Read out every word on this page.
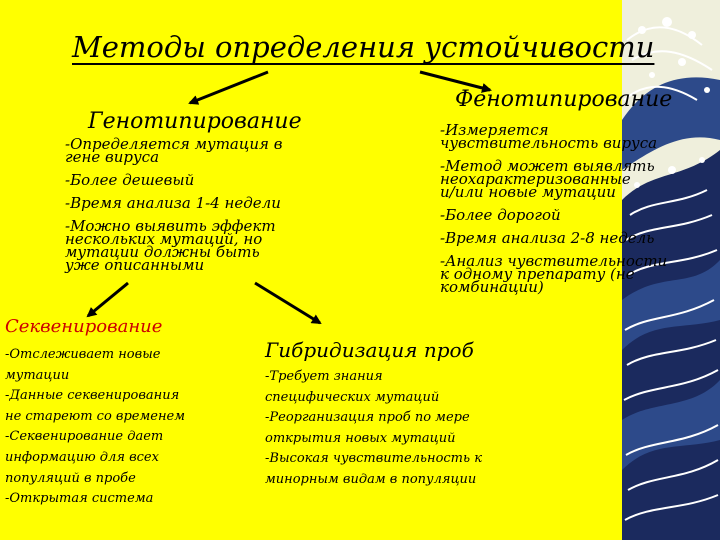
Методы определения устойчивости
Генотипирование
-Определяется мутация в
гене вируса
-Более дешевый
-Время анализа 1-4 недели
-Можно выявить эффект
нескольких мутаций, но
мутации должны быть
уже описанными
Фенотипирование
-Измеряется
чувствительность вируса
-Метод может выявлять
неохарактеризованные
и/или новые мутации
-Более дорогой
-Время анализа 2-8 недель
-Анализ чувствительности
к одному препарату (не
комбинации)
Секвенирование
-Отслеживает новые
мутации
-Данные секвенирования
не стареют со временем
-Секвенирование дает
информацию для всех
популяций в пробе
-Открытая система
Гибридизация проб
-Требует знания
специфических мутаций
-Реорганизация проб по мере
открытия новых мутаций
-Высокая чувствительность к
минорным видам в популяции
